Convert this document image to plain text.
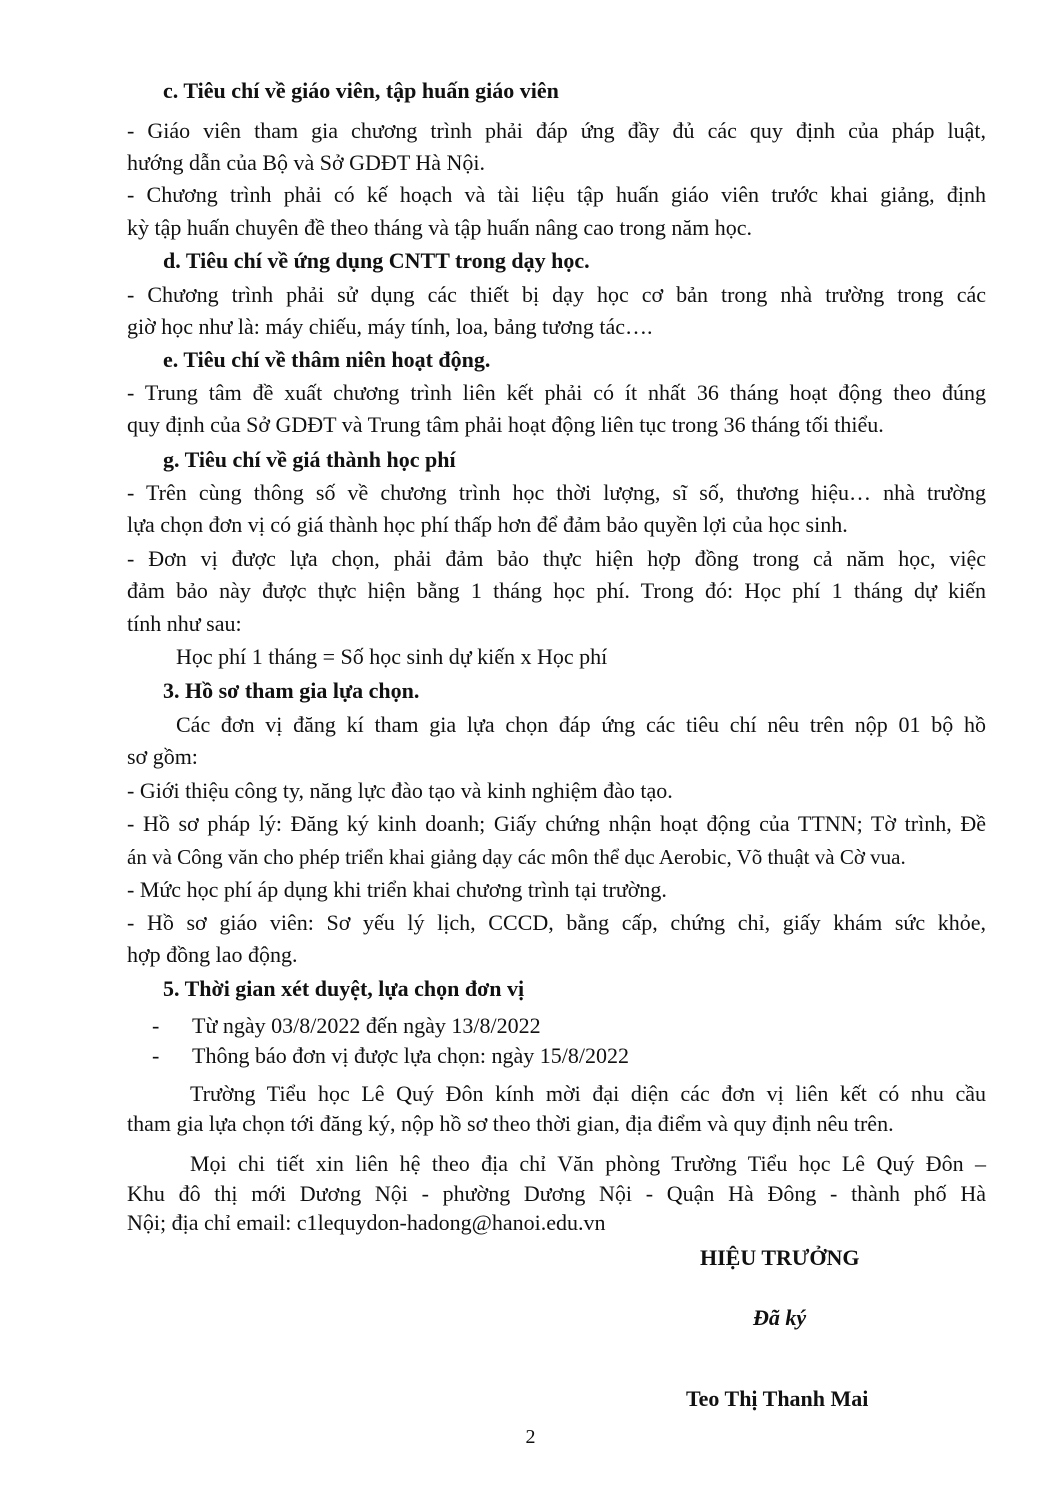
c. Tiêu chí về giáo viên, tập huấn giáo viên
- Giáo viên tham gia chương trình phải đáp ứng đầy đủ các quy định của pháp luật,
hướng dẫn của Bộ và Sở GDĐT Hà Nội.
- Chương trình phải có kế hoạch và tài liệu tập huấn giáo viên trước khai giảng, định
kỳ tập huấn chuyên đề theo tháng và tập huấn nâng cao trong năm học.
d. Tiêu chí về ứng dụng CNTT trong dạy học.
- Chương trình phải sử dụng các thiết bị dạy học cơ bản trong nhà trường trong các
giờ học như là: máy chiếu, máy tính, loa, bảng tương tác….
e. Tiêu chí về thâm niên hoạt động.
- Trung tâm đề xuất chương trình liên kết phải có ít nhất 36 tháng hoạt động theo đúng
quy định của Sở GDĐT và Trung tâm phải hoạt động liên tục trong 36 tháng tối thiểu.
g. Tiêu chí về giá thành học phí
- Trên cùng thông số về chương trình học thời lượng, sĩ số, thương hiệu… nhà trường
lựa chọn đơn vị có giá thành học phí thấp hơn để đảm bảo quyền lợi của học sinh.
- Đơn vị được lựa chọn, phải đảm bảo thực hiện hợp đồng trong cả năm học, việc
đảm bảo này được thực hiện bằng 1 tháng học phí. Trong đó: Học phí 1 tháng dự kiến
tính như sau:
Học phí 1 tháng = Số học sinh dự kiến x Học phí
3. Hồ sơ tham gia lựa chọn.
Các đơn vị đăng kí tham gia lựa chọn đáp ứng các tiêu chí nêu trên nộp 01 bộ hồ
sơ gồm:
- Giới thiệu công ty, năng lực đào tạo và kinh nghiệm đào tạo.
- Hồ sơ pháp lý: Đăng ký kinh doanh; Giấy chứng nhận hoạt động của TTNN; Tờ trình, Đề
án và Công văn cho phép triển khai giảng dạy các môn thể dục Aerobic, Võ thuật và Cờ vua.
- Mức học phí áp dụng khi triển khai chương trình tại trường.
- Hồ sơ giáo viên: Sơ yếu lý lịch, CCCD, bằng cấp, chứng chỉ, giấy khám sức khỏe,
hợp đồng lao động.
5. Thời gian xét duyệt, lựa chọn đơn vị
- Từ ngày 03/8/2022 đến ngày 13/8/2022
- Thông báo đơn vị được lựa chọn: ngày 15/8/2022
Trường Tiểu học Lê Quý Đôn kính mời đại diện các đơn vị liên kết có nhu cầu
tham gia lựa chọn tới đăng ký, nộp hồ sơ theo thời gian, địa điểm và quy định nêu trên.
Mọi chi tiết xin liên hệ theo địa chỉ Văn phòng Trường Tiểu học Lê Quý Đôn –
Khu đô thị mới Dương Nội - phường Dương Nội - Quận Hà Đông - thành phố Hà
Nội; địa chỉ email: c1lequydon-hadong@hanoi.edu.vn
HIỆU TRƯỞNG
Đã ký
Teo Thị Thanh Mai
2
